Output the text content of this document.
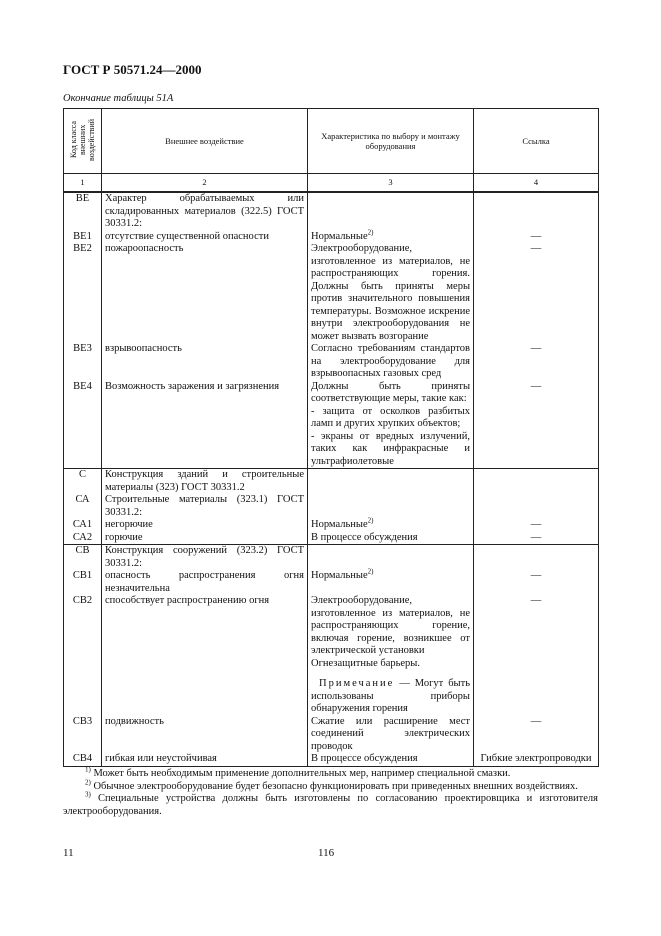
ГОСТ Р 50571.24—2000
Окончание таблицы 51А
Код класса внешних воздействий	Внешнее воздействие	Характеристика по выбору и монтажу оборудования	Ссылка
1	2	3	4
BE	Характер обрабатываемых или складированных материалов (322.5) ГОСТ 30331.2:		
BE1	отсутствие существенной опасности	Нормальные$^{2)}$	—
BE2	пожароопасность	Электрооборудование, изготовленное из материалов, не распространяющих горения. Должны быть приняты меры против значительного повышения температуры. Возможное искрение внутри электрооборудования не может вызвать возгорание	—
BE3	взрывоопасность	Согласно требованиям стандартов на электрооборудование для взрывоопасных газовых сред	—
BE4	Возможность заражения и загрязнения	Должны быть приняты соответствующие меры, такие как:
- защита от осколков разбитых ламп и других хрупких объектов;
- экраны от вредных излучений, таких как инфракрасные и ультрафиолетовые	—
С	Конструкция зданий и строительные материалы (323) ГОСТ 30331.2		
СА	Строительные материалы (323.1) ГОСТ 30331.2:		
СА1	негорючие	Нормальные$^{2)}$	—
СА2	горючие	В процессе обсуждения	—
СВ	Конструкция сооружений (323.2) ГОСТ 30331.2:		
СВ1	опасность распространения огня незначительна	Нормальные$^{2)}$	—
СВ2	способствует распространению огня	Электрооборудование, изготовленное из материалов, не распространяющих горение, включая горение, возникшее от электрической установки
Огнезащитные барьеры.
Примечание — Могут быть использованы приборы обнаружения горения	—
СВ3	подвижность	Сжатие или расширение мест соединений электрических проводок	—
СВ4	гибкая или неустойчивая	В процессе обсуждения	Гибкие электропроводки

$^{1)}$ Может быть необходимым применение дополнительных мер, например специальной смазки.

$^{2)}$ Обычное электрооборудование будет безопасно функционировать при приведенных внешних воздействиях.

$^{3)}$ Специальные устройства должны быть изготовлены по согласованию проектировщика и изготовителя электрооборудования.

11	116
